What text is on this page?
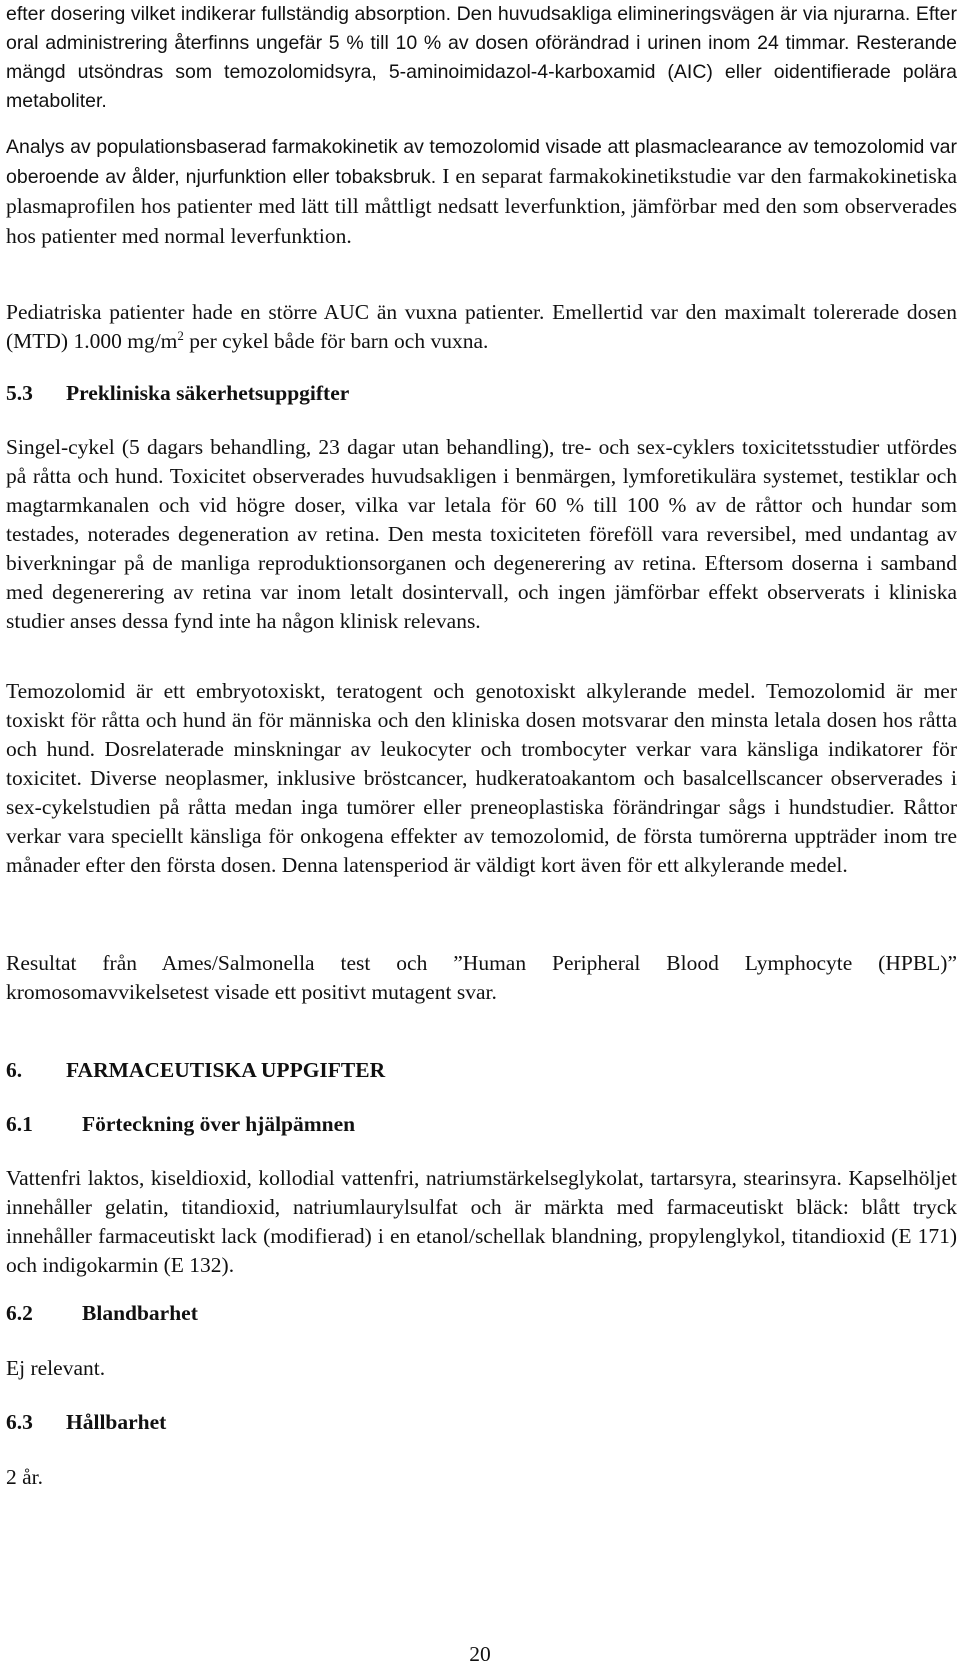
efter dosering vilket indikerar fullständig absorption. Den huvudsakliga elimineringsvägen är via njurarna. Efter oral administrering återfinns ungefär 5 % till 10 % av dosen oförändrad i urinen inom 24 timmar. Resterande mängd utsöndras som temozolomidsyra, 5-aminoimidazol-4-karboxamid (AIC) eller oidentifierade polära metaboliter.

Analys av populationsbaserad farmakokinetik av temozolomid visade att plasmaclearance av temozolomid var oberoende av ålder, njurfunktion eller tobaksbruk. I en separat farmakokinetikstudie var den farmakokinetiska plasmaprofilen hos patienter med lätt till måttligt nedsatt leverfunktion, jämförbar med den som observerades hos patienter med normal leverfunktion.

Pediatriska patienter hade en större AUC än vuxna patienter. Emellertid var den maximalt tolererade dosen (MTD) 1.000 $mg/m^2$ per cykel både för barn och vuxna.

5.3 Prekliniska säkerhetsuppgifter

Singel-cykel (5 dagars behandling, 23 dagar utan behandling), tre- och sex-cyklers toxicitetsstudier utfördes på råtta och hund. Toxicitet observerades huvudsakligen i benmärgen, lymforetikulära systemet, testiklar och magtarmkanalen och vid högre doser, vilka var letala för 60 % till 100 % av de råttor och hundar som testades, noterades degeneration av retina. Den mesta toxiciteten föreföll vara reversibel, med undantag av biverkningar på de manliga reproduktionsorganen och degenerering av retina. Eftersom doserna i samband med degenerering av retina var inom letalt dosintervall, och ingen jämförbar effekt observerats i kliniska studier anses dessa fynd inte ha någon klinisk relevans.

Temozolomid är ett embryotoxiskt, teratogent och genotoxiskt alkylerande medel. Temozolomid är mer toxiskt för råtta och hund än för människa och den kliniska dosen motsvarar den minsta letala dosen hos råtta och hund. Dosrelaterade minskningar av leukocyter och trombocyter verkar vara känsliga indikatorer för toxicitet. Diverse neoplasmer, inklusive bröstcancer, hudkeratoakantom och basalcellscancer observerades i sex-cykelstudien på råtta medan inga tumörer eller preneoplastiska förändringar sågs i hundstudier. Råttor verkar vara speciellt känsliga för onkogena effekter av temozolomid, de första tumörerna uppträder inom tre månader efter den första dosen. Denna latensperiod är väldigt kort även för ett alkylerande medel.

Resultat från Ames/Salmonella test och ”Human Peripheral Blood Lymphocyte (HPBL)” kromosomavvikelsetest visade ett positivt mutagent svar.

6. FARMACEUTISKA UPPGIFTER
6.1 Förteckning över hjälpämnen

Vattenfri laktos, kiseldioxid, kollodial vattenfri, natriumstärkelseglykolat, tartarsyra, stearinsyra. Kapselhöljet innehåller gelatin, titandioxid, natriumlaurylsulfat och är märkta med farmaceutiskt bläck: blått tryck innehåller farmaceutiskt lack (modifierad) i en etanol/schellak blandning, propylenglykol, titandioxid (E 171) och indigokarmin (E 132).

6.2 Blandbarhet

Ej relevant.

6.3 Hållbarhet

2 år.

20
